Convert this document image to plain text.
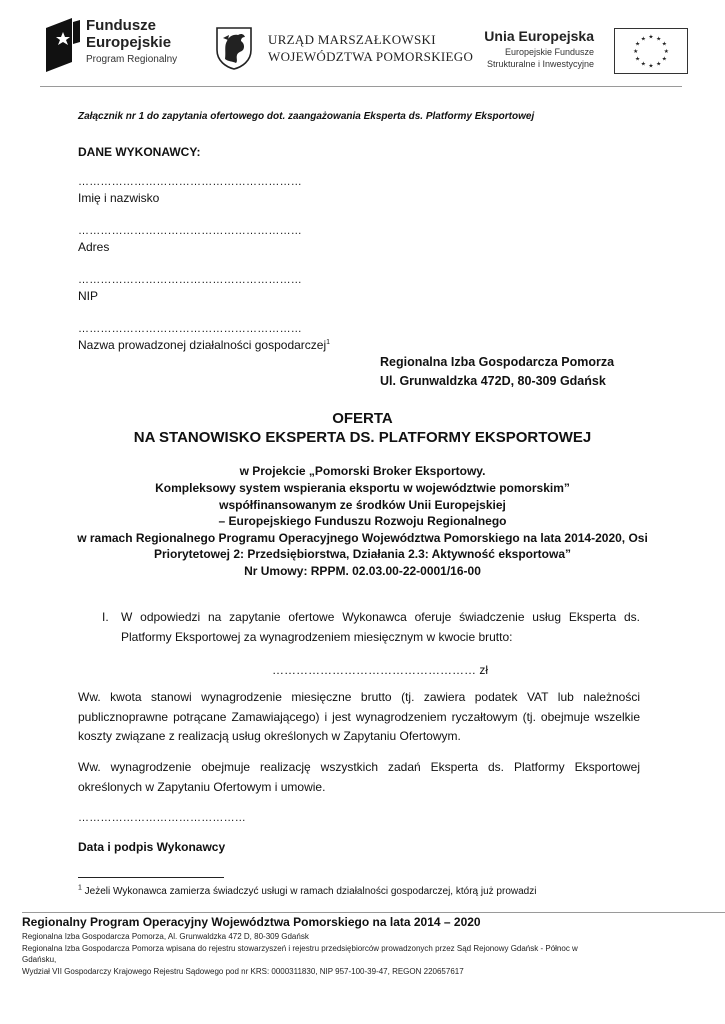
Fundusze
Europejskie
Program Regionalny
URZĄD MARSZAŁKOWSKI
WOJEWÓDZTWA POMORSKIEGO
Unia Europejska
Europejskie Fundusze
Strukturalne i Inwestycyjne
★ ★
★
★
★
★
★
★
★
★
★
★
Załącznik nr 1 do zapytania ofertowego dot. zaangażowania Eksperta ds. Platformy Eksportowej
DANE WYKONAWCY:
……………………………………………………
Imię i nazwisko
……………………………………………………
Adres
……………………………………………………
NIP
……………………………………………………
Nazwa prowadzonej działalności gospodarczej$^1$
Regionalna Izba Gospodarcza Pomorza
Ul. Grunwaldzka 472D, 80-309 Gdańsk
OFERTA
NA STANOWISKO EKSPERTA DS. PLATFORMY EKSPORTOWEJ
w Projekcie „Pomorski Broker Eksportowy.
Kompleksowy system wspierania eksportu w województwie pomorskim”
współfinansowanym ze środków Unii Europejskiej
– Europejskiego Funduszu Rozwoju Regionalnego
w ramach Regionalnego Programu Operacyjnego Województwa Pomorskiego na lata 2014-2020, Osi
Priorytetowej 2: Przedsiębiorstwa, Działania 2.3: Aktywność eksportowa”
Nr Umowy: RPPM. 02.03.00-22-0001/16-00
I. W odpowiedzi na zapytanie ofertowe Wykonawca oferuje świadczenie usług Eksperta ds. Platformy Eksportowej za wynagrodzeniem miesięcznym w kwocie brutto:
…………………………………………… zł
Ww. kwota stanowi wynagrodzenie miesięczne brutto (tj. zawiera podatek VAT lub należności publicznoprawne potrącane Zamawiającego) i jest wynagrodzeniem ryczałtowym (tj. obejmuje wszelkie koszty związane z realizacją usług określonych w Zapytaniu Ofertowym.
Ww. wynagrodzenie obejmuje realizację wszystkich zadań Eksperta ds. Platformy Eksportowej określonych w Zapytaniu Ofertowym i umowie.
………………………………………
Data i podpis Wykonawcy
$^1$ Jeżeli Wykonawca zamierza świadczyć usługi w ramach działalności gospodarczej, którą już prowadzi
Regionalny Program Operacyjny Województwa Pomorskiego na lata 2014 – 2020
Regionalna Izba Gospodarcza Pomorza, Al. Grunwaldzka 472 D, 80-309 Gdańsk
Regionalna Izba Gospodarcza Pomorza wpisana do rejestru stowarzyszeń i rejestru przedsiębiorców prowadzonych przez Sąd Rejonowy Gdańsk - Północ w
Gdańsku,
Wydział VII Gospodarczy Krajowego Rejestru Sądowego pod nr KRS: 0000311830, NIP 957-100-39-47, REGON 220657617
